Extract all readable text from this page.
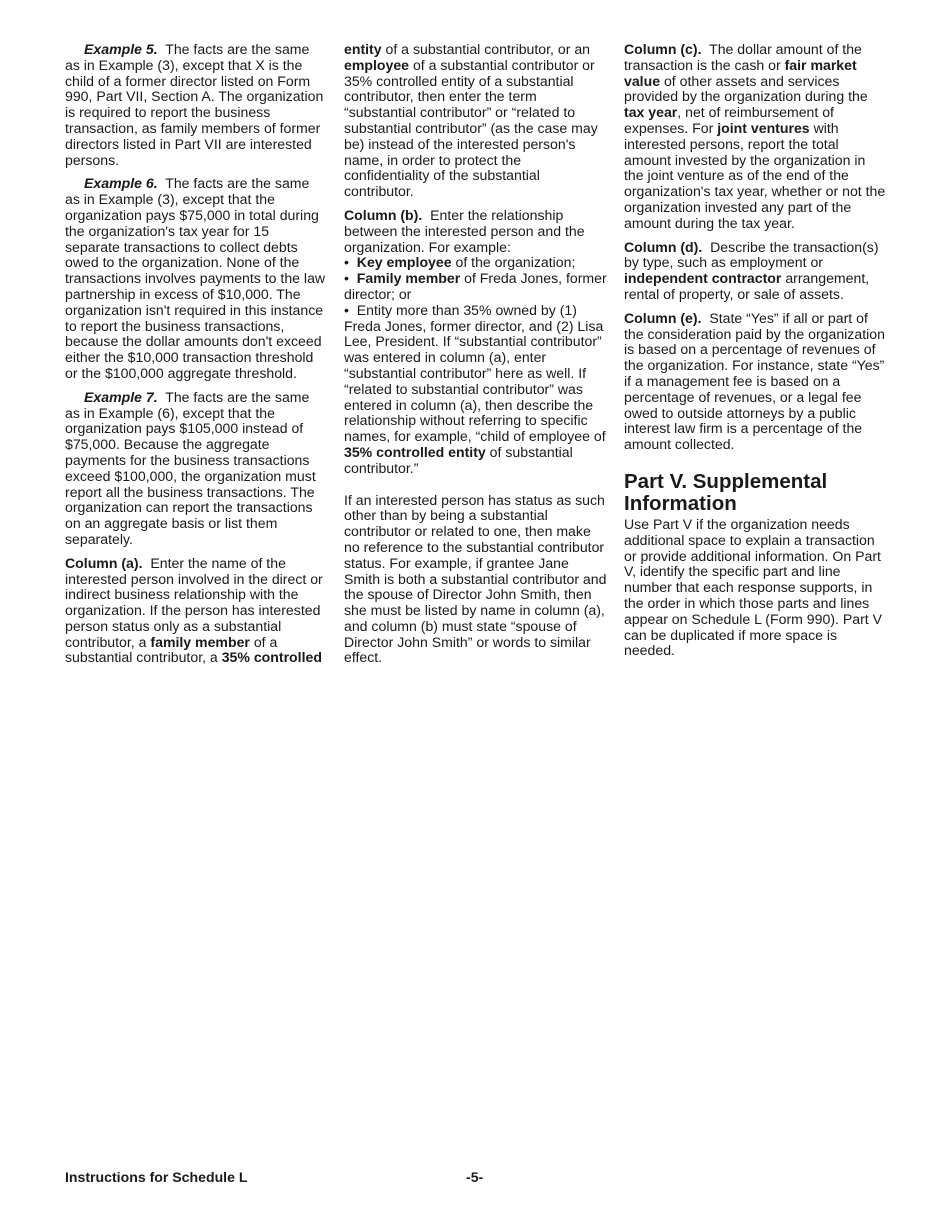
Example 5. The facts are the same as in Example (3), except that X is the child of a former director listed on Form 990, Part VII, Section A. The organization is required to report the business transaction, as family members of former directors listed in Part VII are interested persons.

Example 6. The facts are the same as in Example (3), except that the organization pays $75,000 in total during the organization's tax year for 15 separate transactions to collect debts owed to the organization. None of the transactions involves payments to the law partnership in excess of $10,000. The organization isn't required in this instance to report the business transactions, because the dollar amounts don't exceed either the $10,000 transaction threshold or the $100,000 aggregate threshold.

Example 7. The facts are the same as in Example (6), except that the organization pays $105,000 instead of $75,000. Because the aggregate payments for the business transactions exceed $100,000, the organization must report all the business transactions. The organization can report the transactions on an aggregate basis or list them separately.

Column (a). Enter the name of the interested person involved in the direct or indirect business relationship with the organization. If the person has interested person status only as a substantial contributor, a family member of a substantial contributor, a 35% controlled

entity of a substantial contributor, or an employee of a substantial contributor or 35% controlled entity of a substantial contributor, then enter the term “substantial contributor” or “related to substantial contributor” (as the case may be) instead of the interested person's name, in order to protect the confidentiality of the substantial contributor.

Column (b). Enter the relationship between the interested person and the organization. For example:

• Key employee of the organization;

• Family member of Freda Jones, former director; or

• Entity more than 35% owned by (1) Freda Jones, former director, and (2) Lisa Lee, President. If “substantial contributor” was entered in column (a), enter “substantial contributor” here as well. If “related to substantial contributor” was entered in column (a), then describe the relationship without referring to specific names, for example, “child of employee of 35% controlled entity of substantial contributor.”

If an interested person has status as such other than by being a substantial contributor or related to one, then make no reference to the substantial contributor status. For example, if grantee Jane Smith is both a substantial contributor and the spouse of Director John Smith, then she must be listed by name in column (a), and column (b) must state “spouse of Director John Smith” or words to similar effect.

Column (c). The dollar amount of the transaction is the cash or fair market value of other assets and services provided by the organization during the tax year, net of reimbursement of expenses. For joint ventures with interested persons, report the total amount invested by the organization in the joint venture as of the end of the organization's tax year, whether or not the organization invested any part of the amount during the tax year.

Column (d). Describe the transaction(s) by type, such as employment or independent contractor arrangement, rental of property, or sale of assets.

Column (e). State “Yes” if all or part of the consideration paid by the organization is based on a percentage of revenues of the organization. For instance, state “Yes” if a management fee is based on a percentage of revenues, or a legal fee owed to outside attorneys by a public interest law firm is a percentage of the amount collected.

Part V. Supplemental Information

Use Part V if the organization needs additional space to explain a transaction or provide additional information. On Part V, identify the specific part and line number that each response supports, in the order in which those parts and lines appear on Schedule L (Form 990). Part V can be duplicated if more space is needed.

Instructions for Schedule L	-5-
